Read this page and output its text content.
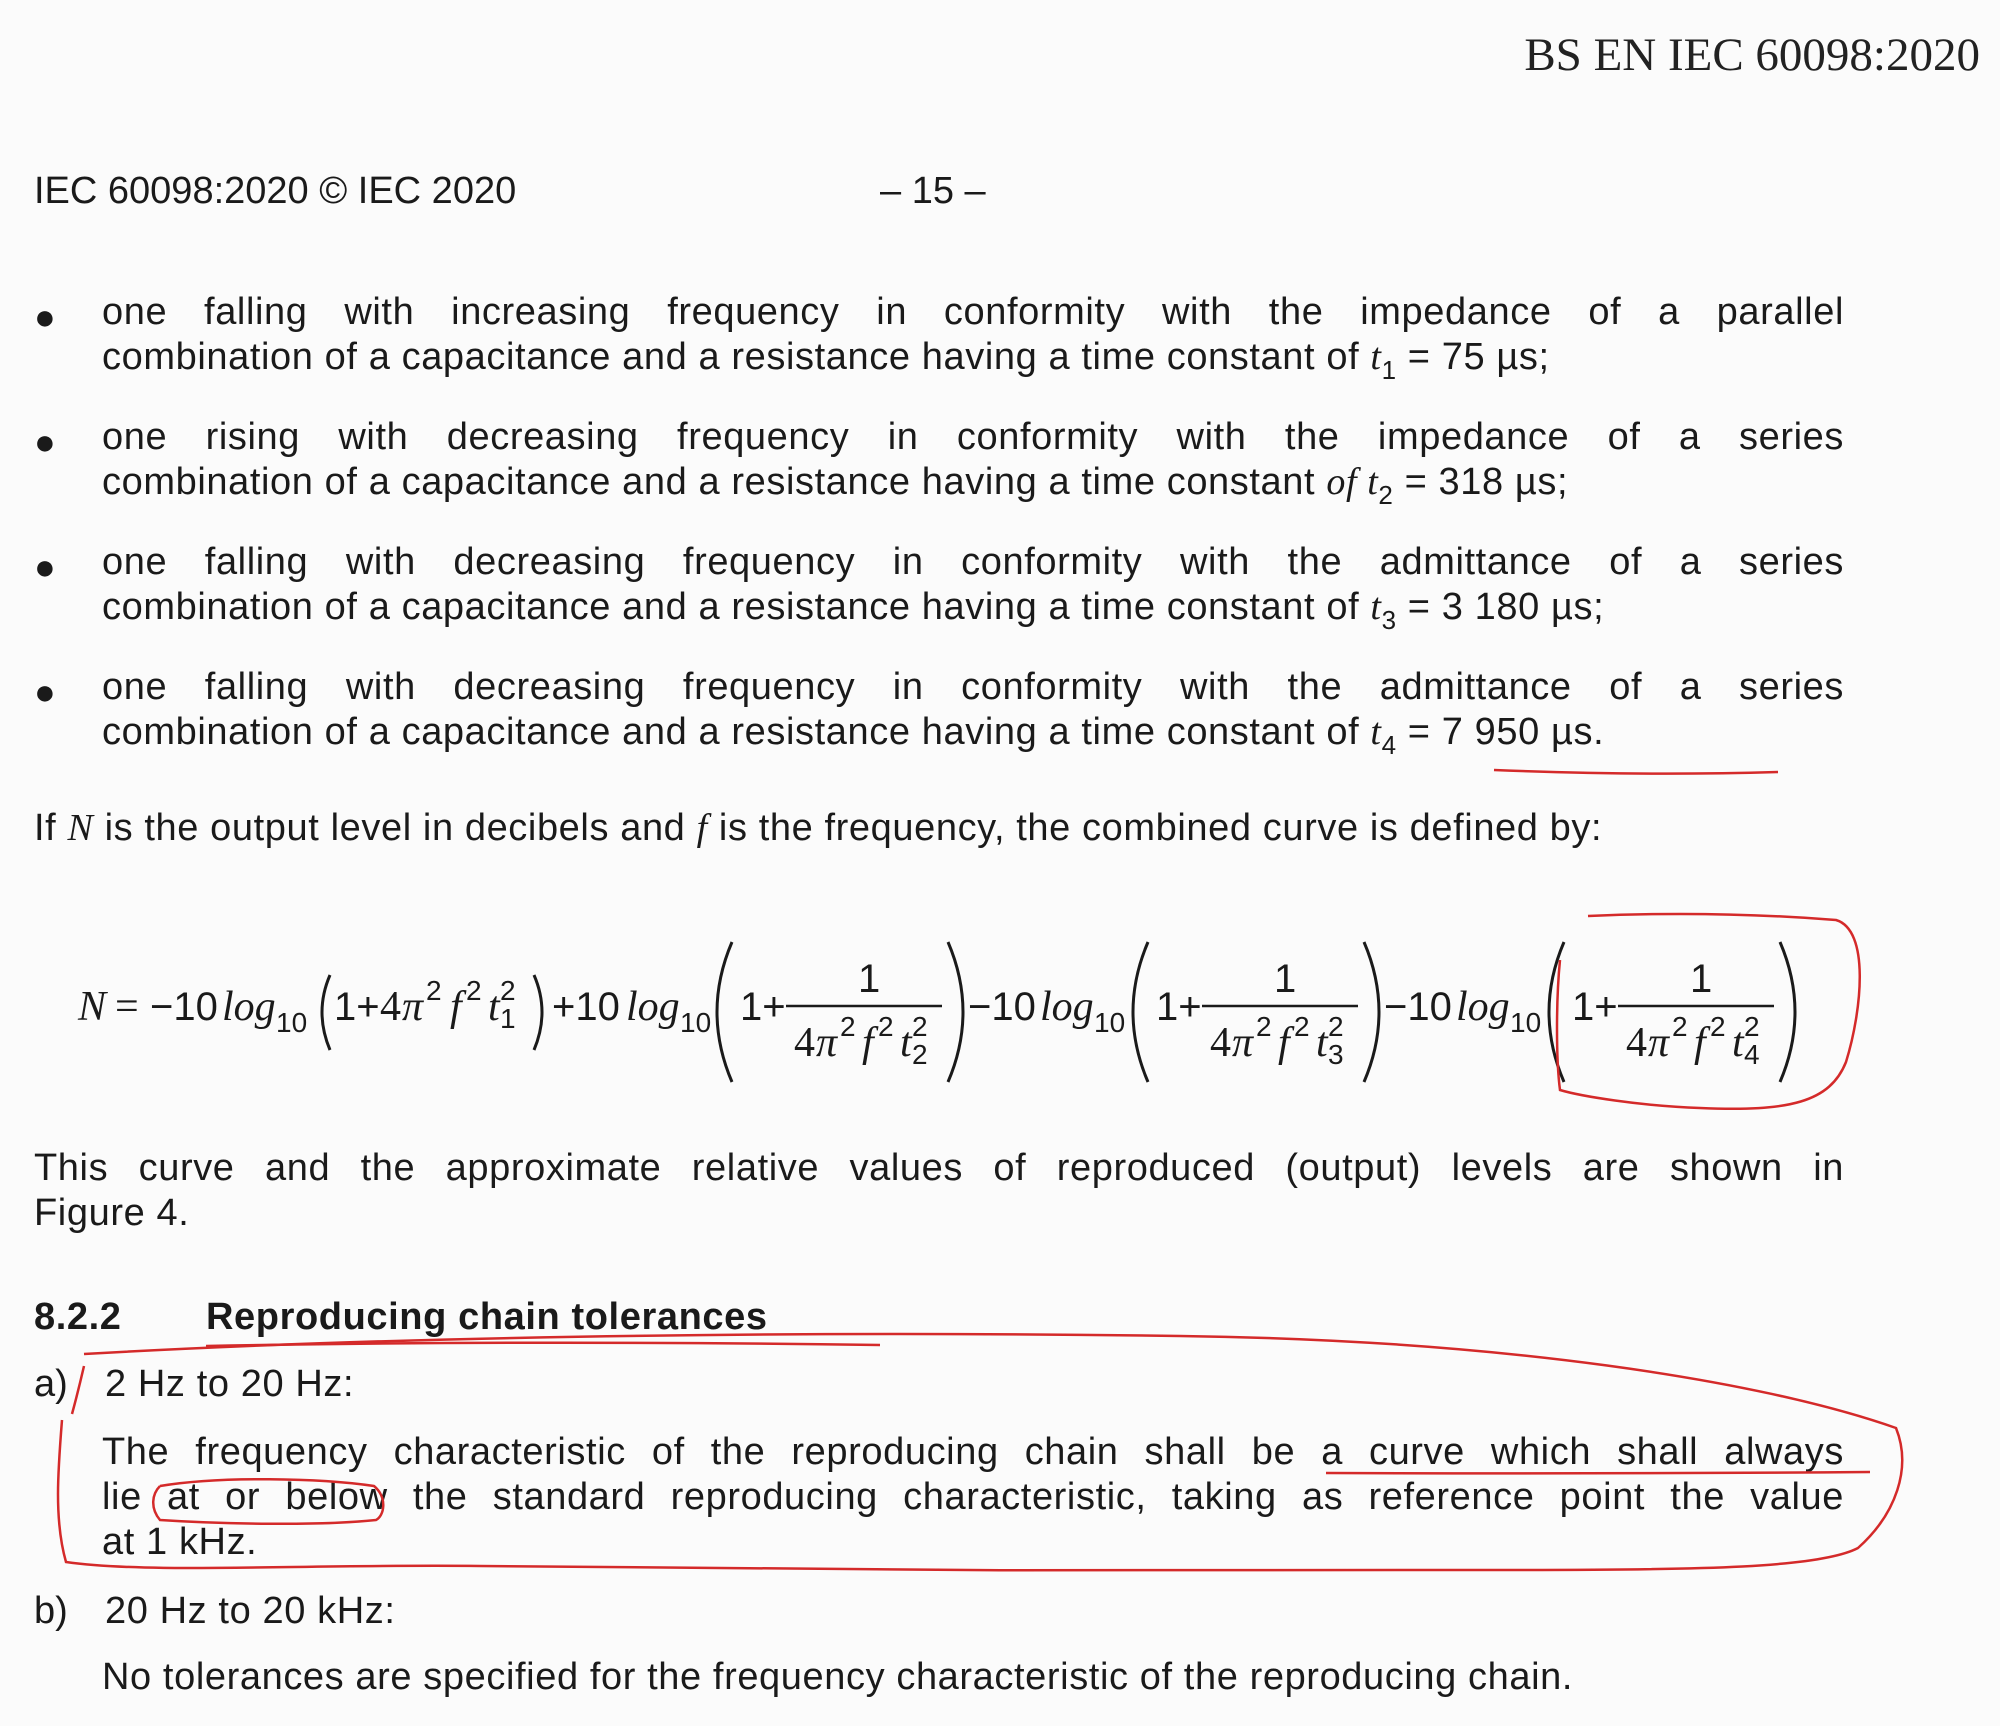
BS EN IEC 60098:2020
IEC 60098:2020 © IEC 2020	– 15 –
● one falling with increasing frequency in conformity with the impedance of a parallel
combination of a capacitance and a resistance having a time constant of $t_1 = 75$ µs;
● one rising with decreasing frequency in conformity with the impedance of a series
combination of a capacitance and a resistance having a time constant of $t_2 = 318$ µs;
● one falling with decreasing frequency in conformity with the admittance of a series
combination of a capacitance and a resistance having a time constant of $t_3 = 3$ 180 µs;
● one falling with decreasing frequency in conformity with the admittance of a series
combination of a capacitance and a resistance having a time constant of $t_4 = 7$ 950 µs.
If N is the output level in decibels and f is the frequency, the combined curve is defined by:
N = −10 log 10 1+ 4 π 2 f 2 t 2
1 +10 log 10 1+
1
4 π 2 f 2 t 2
2
−10 log 10 1+
1
4 π 2 f 2 t 2
3
−10 log 10 1+
1
4 π 2 f 2 t 2
4
This curve and the approximate relative values of reproduced (output) levels are shown in
Figure 4.
8.2.2 Reproducing chain tolerances
a) 2 Hz to 20 Hz:
The frequency characteristic of the reproducing chain shall be a curve which shall always
lie at or below the standard reproducing characteristic, taking as reference point the value
at 1 kHz.
b) 20 Hz to 20 kHz:
No tolerances are specified for the frequency characteristic of the reproducing chain.
